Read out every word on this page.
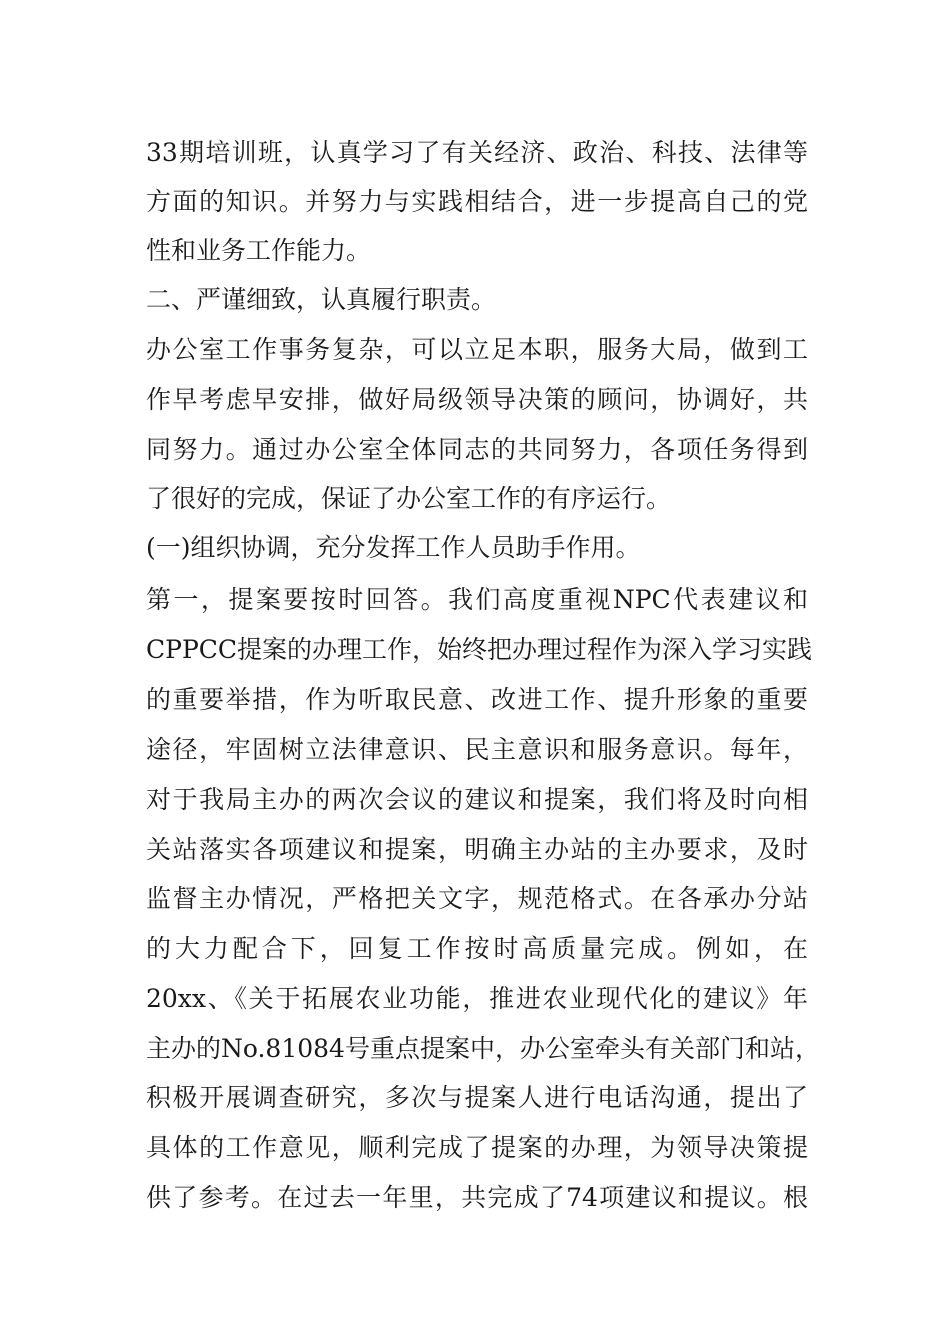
33期培训班，认真学习了有关经济、政治、科技、法律等
方面的知识。并努力与实践相结合，进一步提高自己的党
性和业务工作能力。
二、严谨细致，认真履行职责。
办公室工作事务复杂，可以立足本职，服务大局，做到工
作早考虑早安排，做好局级领导决策的顾问，协调好，共
同努力。通过办公室全体同志的共同努力，各项任务得到
了很好的完成，保证了办公室工作的有序运行。
(一)组织协调，充分发挥工作人员助手作用。
第一，提案要按时回答。我们高度重视NPC代表建议和
CPPCC提案的办理工作，始终把办理过程作为深入学习实践
的重要举措，作为听取民意、改进工作、提升形象的重要
途径，牢固树立法律意识、民主意识和服务意识。每年，
对于我局主办的两次会议的建议和提案，我们将及时向相
关站落实各项建议和提案，明确主办站的主办要求，及时
监督主办情况，严格把关文字，规范格式。在各承办分站
的大力配合下，回复工作按时高质量完成。例如，在
20xx、《关于拓展农业功能，推进农业现代化的建议》年
主办的No.81084号重点提案中，办公室牵头有关部门和站，
积极开展调查研究，多次与提案人进行电话沟通，提出了
具体的工作意见，顺利完成了提案的办理，为领导决策提
供了参考。在过去一年里，共完成了74项建议和提议。根
